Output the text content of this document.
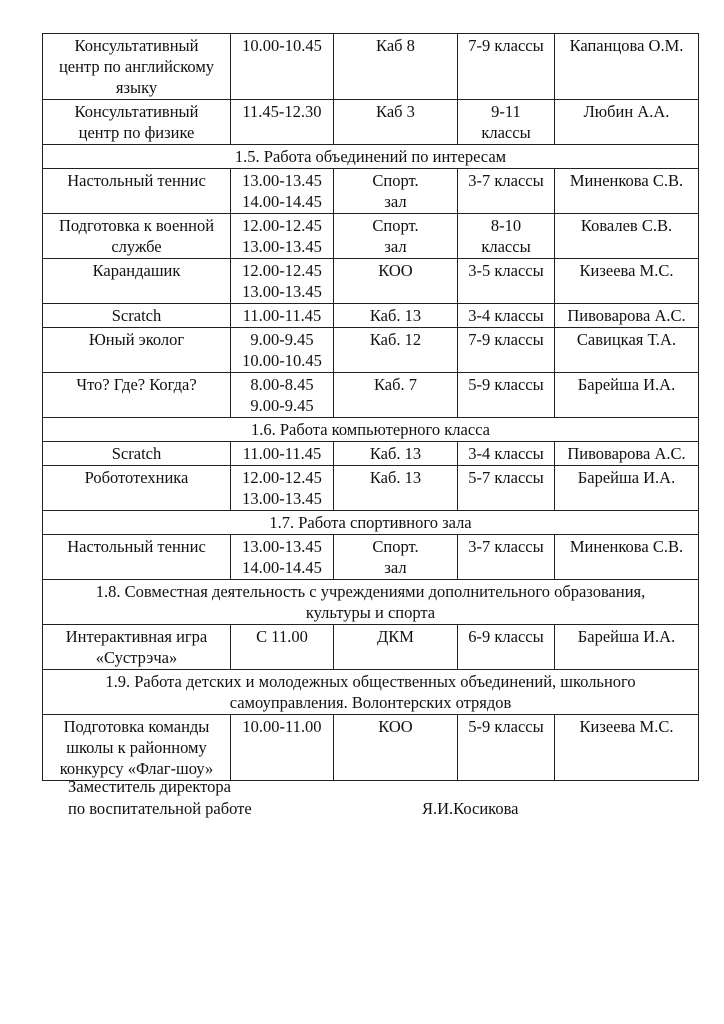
Консультативный
центр по английскому
языку	10.00-10.45	Каб 8	7-9 классы	Капанцова О.М.

Консультативный
центр по физике	11.45-12.30	Каб 3	9-11
классы	Любин А.А.

1.5. Работа объединений по интересам				

Настольный теннис	13.00-13.45
14.00-14.45	Спорт.
зал	3-7 классы	Миненкова С.В.

Подготовка к военной
службе	12.00-12.45
13.00-13.45	Спорт.
зал	8-10
классы	Ковалев С.В.

Карандашик	12.00-12.45
13.00-13.45	КОО	3-5 классы	Кизеева М.С.

Scratch	11.00-11.45	Каб. 13	3-4 классы	Пивоварова А.С.

Юный эколог	9.00-9.45
10.00-10.45	Каб. 12	7-9 классы	Савицкая Т.А.

Что? Где? Когда?	8.00-8.45
9.00-9.45	Каб. 7	5-9 классы	Барейша И.А.

1.6. Работа компьютерного класса				

Scratch	11.00-11.45	Каб. 13	3-4 классы	Пивоварова А.С.

Робототехника	12.00-12.45
13.00-13.45	Каб. 13	5-7 классы	Барейша И.А.

1.7. Работа спортивного зала				

Настольный теннис	13.00-13.45
14.00-14.45	Спорт.
зал	3-7 классы	Миненкова С.В.

1.8. Совместная деятельность с учреждениями дополнительного образования,
культуры и спорта				

Интерактивная игра
«Сустрэча»	С 11.00	ДКМ	6-9 классы	Барейша И.А.

1.9. Работа детских и молодежных общественных объединений, школьного
самоуправления. Волонтерских отрядов				

Подготовка команды
школы к районному
конкурсу «Флаг-шоу»	10.00-11.00	КОО	5-9 классы	Кизеева М.С.
Заместитель директора
по воспитательной работе	Я.И.Косикова
